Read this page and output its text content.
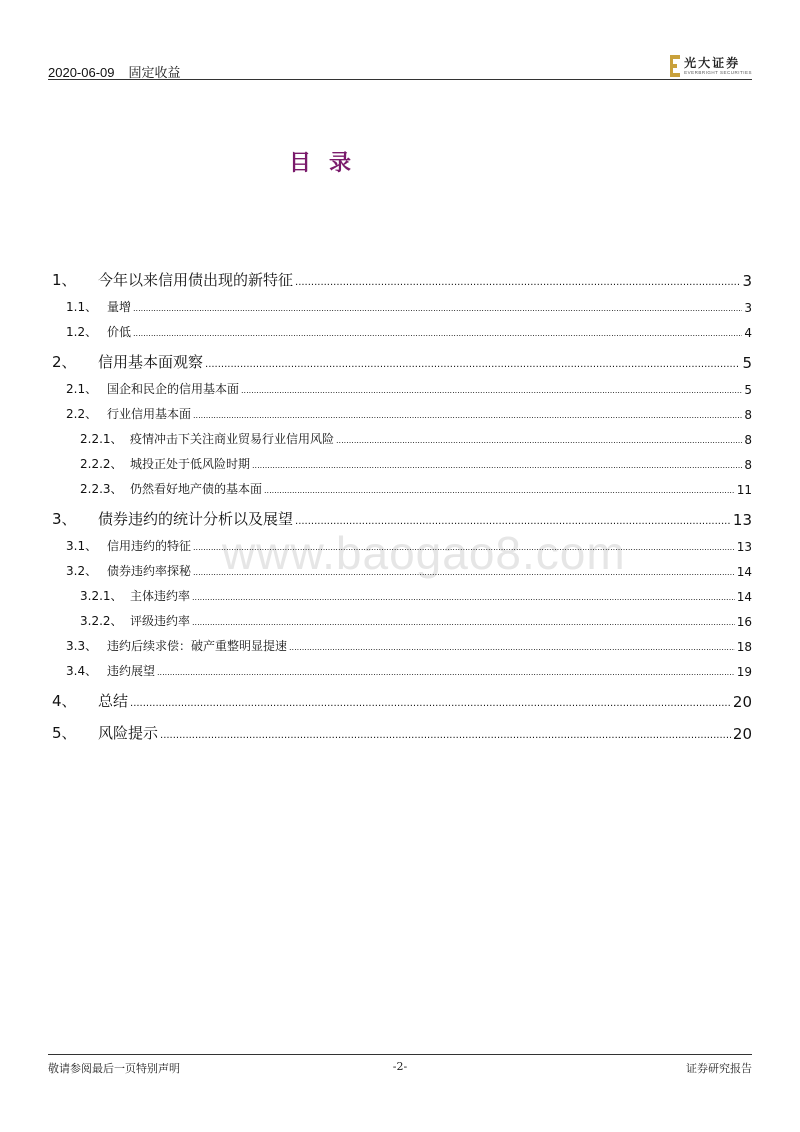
2020-06-09 固定收益
光大证券
EVERBRIGHT SECURITIES
目录
www.baogao8.com
1、	今年以来信用债出现的新特征 .....	3
1.1、 量增 .....	3
1.2、 价低 .....	4
2、	信用基本面观察 .....	5
2.1、 国企和民企的信用基本面 .....	5
2.2、 行业信用基本面 .....	8
2.2.1、 疫情冲击下关注商业贸易行业信用风险 .....	8
2.2.2、 城投正处于低风险时期 .....	8
2.2.3、 仍然看好地产债的基本面 .....	11
3、	债券违约的统计分析以及展望 .....	13
3.1、 信用违约的特征 .....	13
3.2、 债券违约率探秘 .....	14
3.2.1、 主体违约率 .....	14
3.2.2、 评级违约率 .....	16
3.3、 违约后续求偿：破产重整明显提速 .....	18
3.4、 违约展望 .....	19
4、	总结 .....	20
5、	风险提示 .....	20
敬请参阅最后一页特别声明	-2-	证券研究报告
